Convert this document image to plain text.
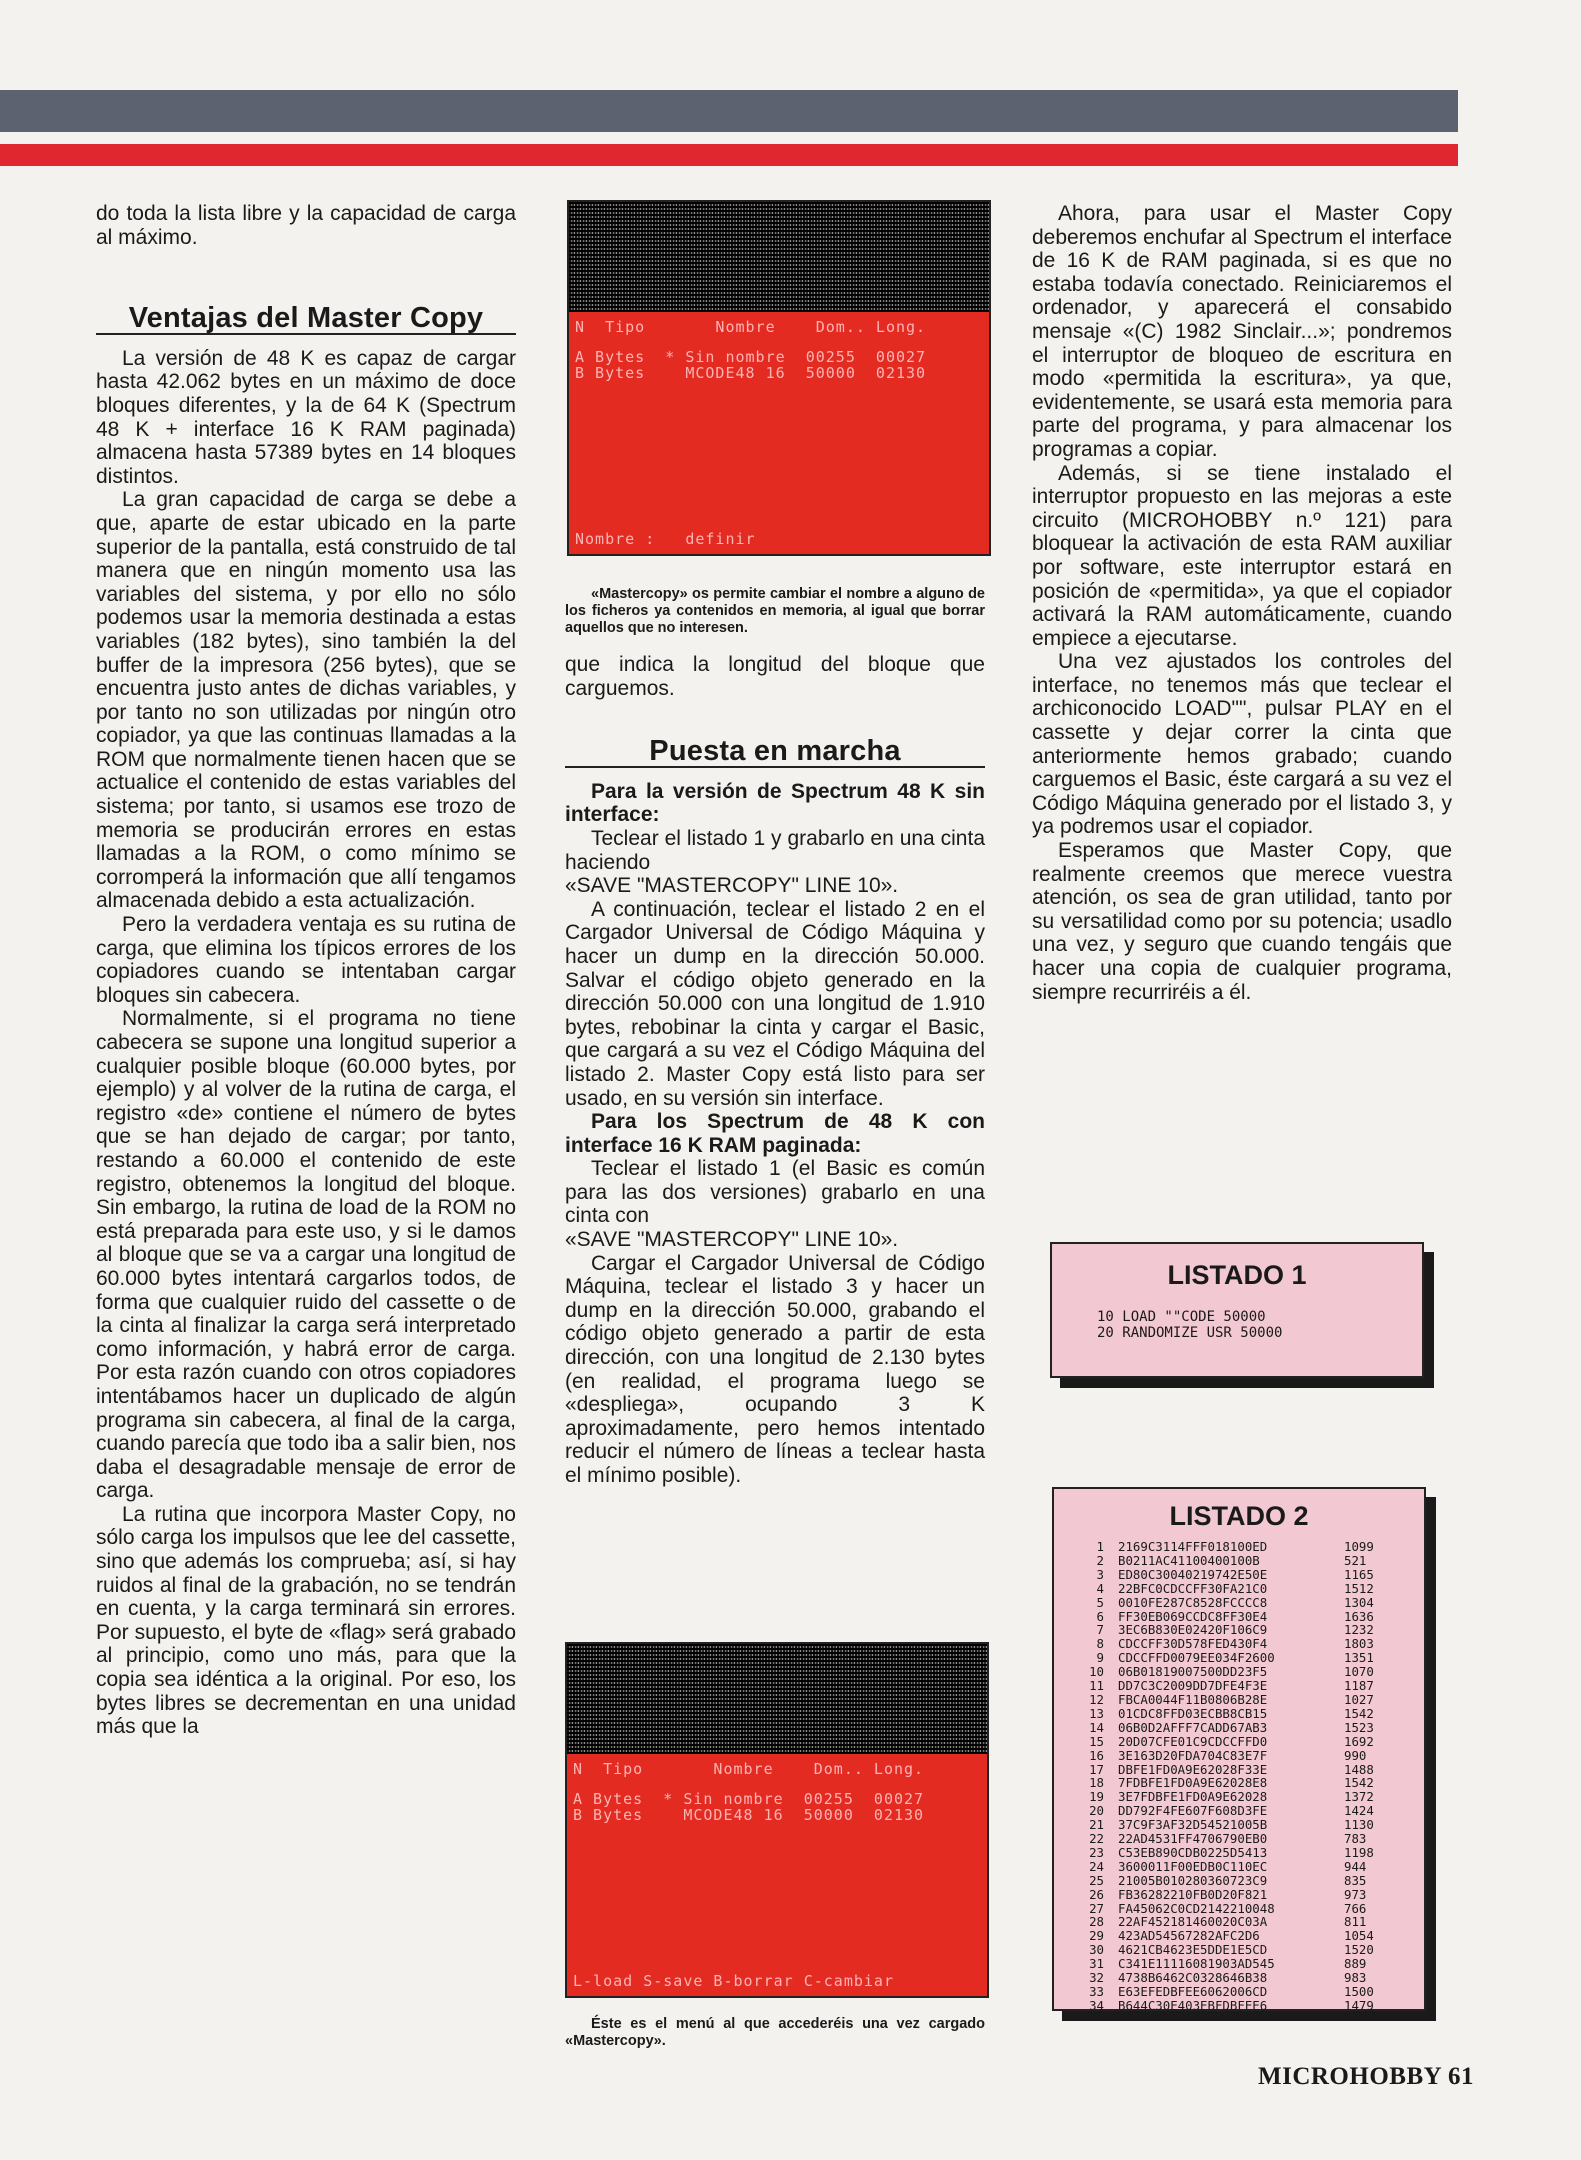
do toda la lista libre y la capacidad de carga al máximo.

Ventajas del Master Copy

La versión de 48 K es capaz de cargar hasta 42.062 bytes en un máximo de doce bloques diferentes, y la de 64 K (Spectrum 48 K + interface 16 K RAM paginada) almacena hasta 57389 bytes en 14 bloques distintos.

La gran capacidad de carga se debe a que, aparte de estar ubicado en la parte superior de la pantalla, está construido de tal manera que en ningún momento usa las variables del sistema, y por ello no sólo podemos usar la memoria destinada a estas variables (182 bytes), sino también la del buffer de la impresora (256 bytes), que se encuentra justo antes de dichas variables, y por tanto no son utilizadas por ningún otro copiador, ya que las continuas llamadas a la ROM que normalmente tienen hacen que se actualice el contenido de estas variables del sistema; por tanto, si usamos ese trozo de memoria se producirán errores en estas llamadas a la ROM, o como mínimo se corromperá la información que allí tengamos almacenada debido a esta actualización.

Pero la verdadera ventaja es su rutina de carga, que elimina los típicos errores de los copiadores cuando se intentaban cargar bloques sin cabecera.

Normalmente, si el programa no tiene cabecera se supone una longitud superior a cualquier posible bloque (60.000 bytes, por ejemplo) y al volver de la rutina de carga, el registro «de» contiene el número de bytes que se han dejado de cargar; por tanto, restando a 60.000 el contenido de este registro, obtenemos la longitud del bloque. Sin embargo, la rutina de load de la ROM no está preparada para este uso, y si le damos al bloque que se va a cargar una longitud de 60.000 bytes intentará cargarlos todos, de forma que cualquier ruido del cassette o de la cinta al finalizar la carga será interpretado como información, y habrá error de carga. Por esta razón cuando con otros copiadores intentábamos hacer un duplicado de algún programa sin cabecera, al final de la carga, cuando parecía que todo iba a salir bien, nos daba el desagradable mensaje de error de carga.

La rutina que incorpora Master Copy, no sólo carga los impulsos que lee del cassette, sino que además los comprueba; así, si hay ruidos al final de la grabación, no se tendrán en cuenta, y la carga terminará sin errores. Por supuesto, el byte de «flag» será grabado al principio, como uno más, para que la copia sea idéntica a la original. Por eso, los bytes libres se decrementan en una unidad más que la

N  Tipo       Nombre    Dom.. Long.
A Bytes  * Sin nombre  00255  00027
B Bytes    MCODE48 16  50000  02130
Nombre :   definir

«Mastercopy» os permite cambiar el nombre a alguno de los ficheros ya contenidos en memoria, al igual que borrar aquellos que no interesen.

que indica la longitud del bloque que carguemos.

Puesta en marcha

Para la versión de Spectrum 48 K sin interface:

Teclear el listado 1 y grabarlo en una cinta haciendo

«SAVE "MASTERCOPY" LINE 10».

A continuación, teclear el listado 2 en el Cargador Universal de Código Máquina y hacer un dump en la dirección 50.000. Salvar el código objeto generado en la dirección 50.000 con una longitud de 1.910 bytes, rebobinar la cinta y cargar el Basic, que cargará a su vez el Código Máquina del listado 2. Master Copy está listo para ser usado, en su versión sin interface.

Para los Spectrum de 48 K con interface 16 K RAM paginada:

Teclear el listado 1 (el Basic es común para las dos versiones) grabarlo en una cinta con

«SAVE "MASTERCOPY" LINE 10».

Cargar el Cargador Universal de Código Máquina, teclear el listado 3 y hacer un dump en la dirección 50.000, grabando el código objeto generado a partir de esta dirección, con una longitud de 2.130 bytes (en realidad, el programa luego se «despliega», ocupando 3 K aproximadamente, pero hemos intentado reducir el número de líneas a teclear hasta el mínimo posible).

N  Tipo       Nombre    Dom.. Long.
A Bytes  * Sin nombre  00255  00027
B Bytes    MCODE48 16  50000  02130
L-load S-save B-borrar C-cambiar

Éste es el menú al que accederéis una vez cargado «Mastercopy».

Ahora, para usar el Master Copy deberemos enchufar al Spectrum el interface de 16 K de RAM paginada, si es que no estaba todavía conectado. Reiniciaremos el ordenador, y aparecerá el consabido mensaje «(C) 1982 Sinclair...»; pondremos el interruptor de bloqueo de escritura en modo «permitida la escritura», ya que, evidentemente, se usará esta memoria para parte del programa, y para almacenar los programas a copiar.

Además, si se tiene instalado el interruptor propuesto en las mejoras a este circuito (MICROHOBBY n.º 121) para bloquear la activación de esta RAM auxiliar por software, este interruptor estará en posición de «permitida», ya que el copiador activará la RAM automáticamente, cuando empiece a ejecutarse.

Una vez ajustados los controles del interface, no tenemos más que teclear el archiconocido LOAD"", pulsar PLAY en el cassette y dejar correr la cinta que anteriormente hemos grabado; cuando carguemos el Basic, éste cargará a su vez el Código Máquina generado por el listado 3, y ya podremos usar el copiador.

Esperamos que Master Copy, que realmente creemos que merece vuestra atención, os sea de gran utilidad, tanto por su versatilidad como por su potencia; usadlo una vez, y seguro que cuando tengáis que hacer una copia de cualquier programa, siempre recurriréis a él.

LISTADO 1
10 LOAD ""CODE 50000
20 RANDOMIZE USR 50000
LISTADO 2
1	2169C3114FFF018100ED	1099
2	B0211AC41100400100B	521
3	ED80C30040219742E50E	1165
4	22BFC0CDCCFF30FA21C0	1512
5	0010FE287C8528FCCCC8	1304
6	FF30EB069CCDC8FF30E4	1636
7	3EC6B830E02420F106C9	1232
8	CDCCFF30D578FED430F4	1803
9	CDCCFFD0079EE034F2600	1351
10	06B01819007500DD23F5	1070
11	DD7C3C2009DD7DFE4F3E	1187
12	FBCA0044F11B0806B28E	1027
13	01CDC8FFD03ECBB8CB15	1542
14	06B0D2AFFF7CADD67AB3	1523
15	20D07CFE01C9CDCCFFD0	1692
16	3E163D20FDA704C83E7F	990
17	DBFE1FD0A9E62028F33E	1488
18	7FDBFE1FD0A9E62028E8	1542
19	3E7FDBFE1FD0A9E62028	1372
20	DD792F4FE607F608D3FE	1424
21	37C9F3AF32D54521005B	1130
22	22AD4531FF4706790EB0	783
23	C53EB890CDB0225D5413	1198
24	3600011F00EDB0C110EC	944
25	21005B010280360723C9	835
26	FB36282210FB0D20F821	973
27	FA45062C0CD2142210048	766
28	22AF452181460020C03A	811
29	423AD54567282AFC2D6	1054
30	4621CB4623E5DDE1E5CD	1520
31	C341E11116081903AD545	889
32	4738B6462C0328646B38	983
33	E63EFEDBFEE6062006CD	1500
34	B644C30E403EBFDBFEE6	1479
MICROHOBBY 61
